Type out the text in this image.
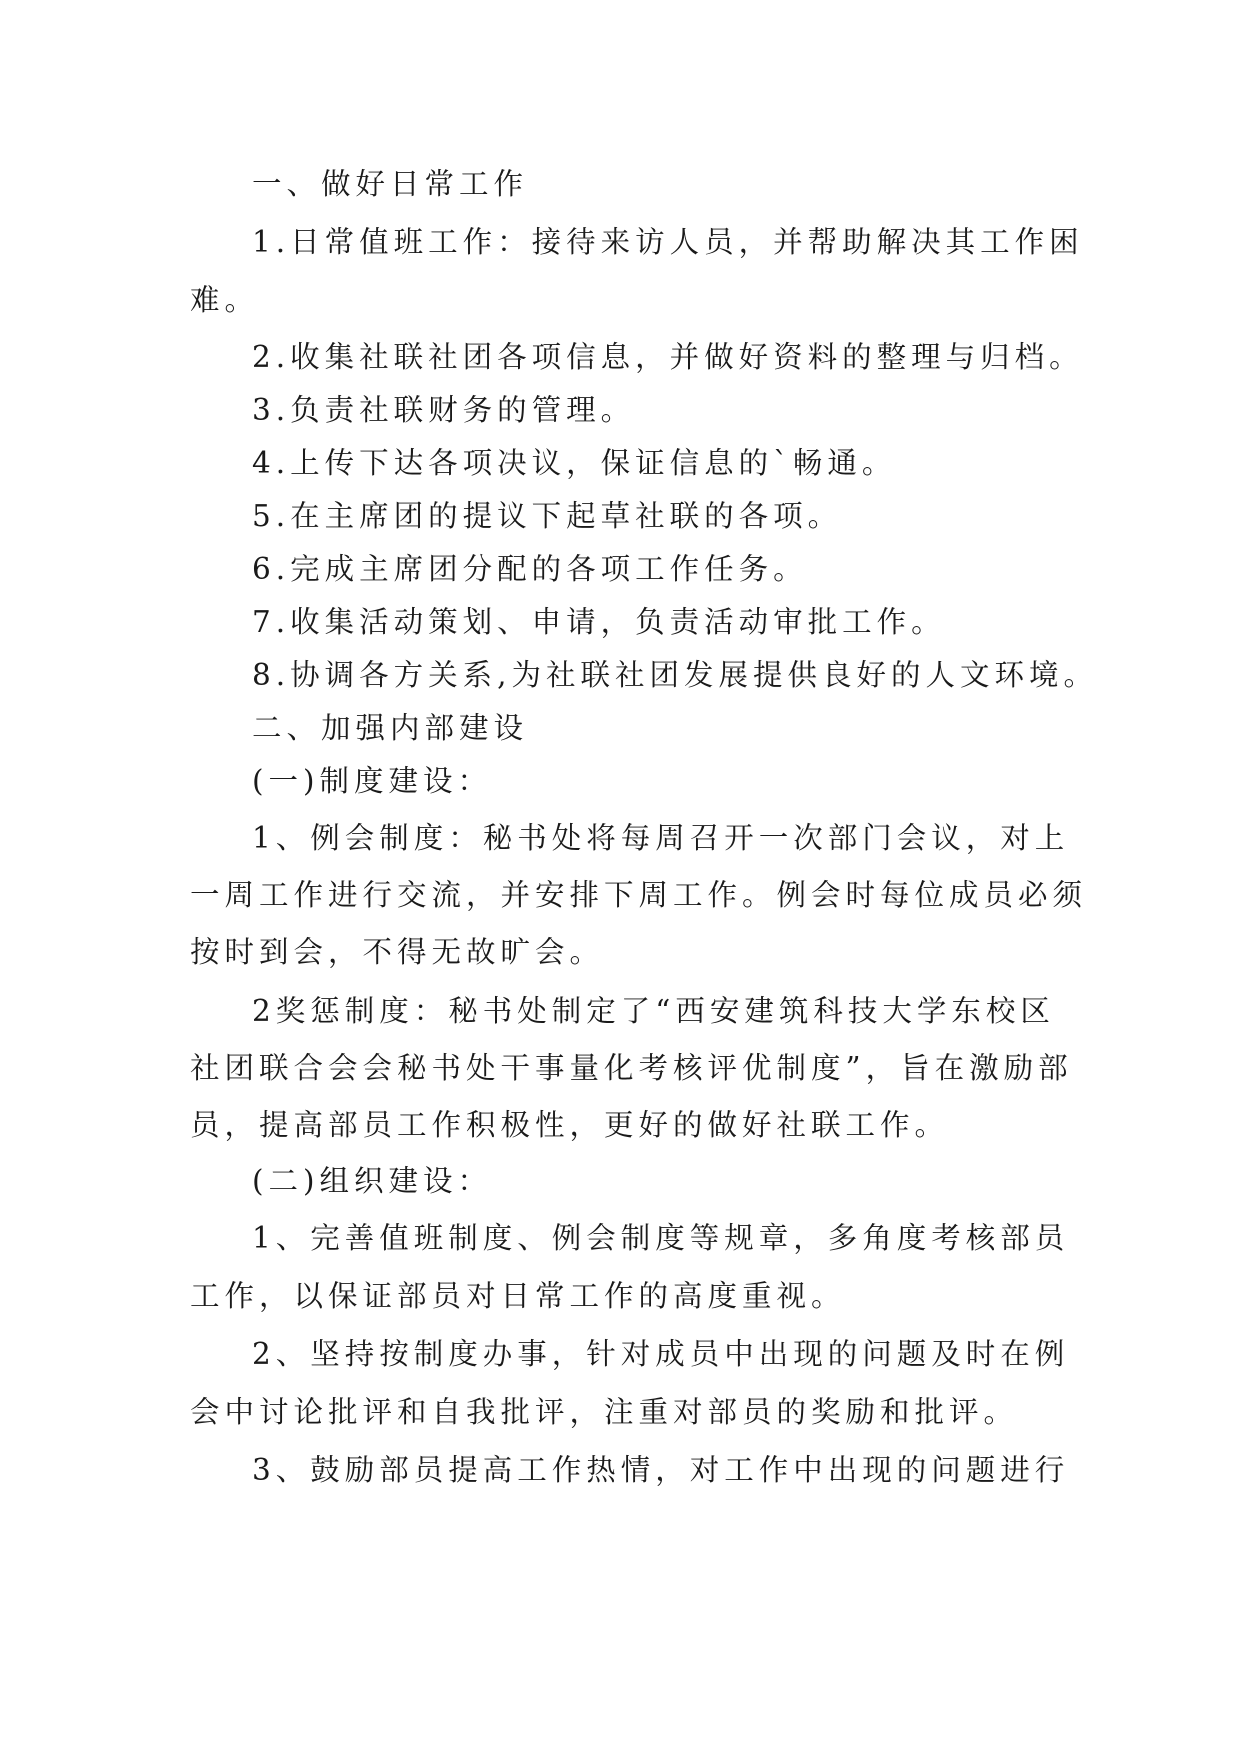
一、做好日常工作
1.日常值班工作：接待来访人员，并帮助解决其工作困
难。
2.收集社联社团各项信息，并做好资料的整理与归档。
3.负责社联财务的管理。
4.上传下达各项决议，保证信息的`畅通。
5.在主席团的提议下起草社联的各项。
6.完成主席团分配的各项工作任务。
7.收集活动策划、申请，负责活动审批工作。
8.协调各方关系,为社联社团发展提供良好的人文环境。
二、加强内部建设
(一)制度建设：
1、例会制度：秘书处将每周召开一次部门会议，对上
一周工作进行交流，并安排下周工作。例会时每位成员必须
按时到会，不得无故旷会。
2奖惩制度：秘书处制定了“西安建筑科技大学东校区
社团联合会会秘书处干事量化考核评优制度”，旨在激励部
员，提高部员工作积极性，更好的做好社联工作。
(二)组织建设：
1、完善值班制度、例会制度等规章，多角度考核部员
工作，以保证部员对日常工作的高度重视。
2、坚持按制度办事，针对成员中出现的问题及时在例
会中讨论批评和自我批评，注重对部员的奖励和批评。
3、鼓励部员提高工作热情，对工作中出现的问题进行
